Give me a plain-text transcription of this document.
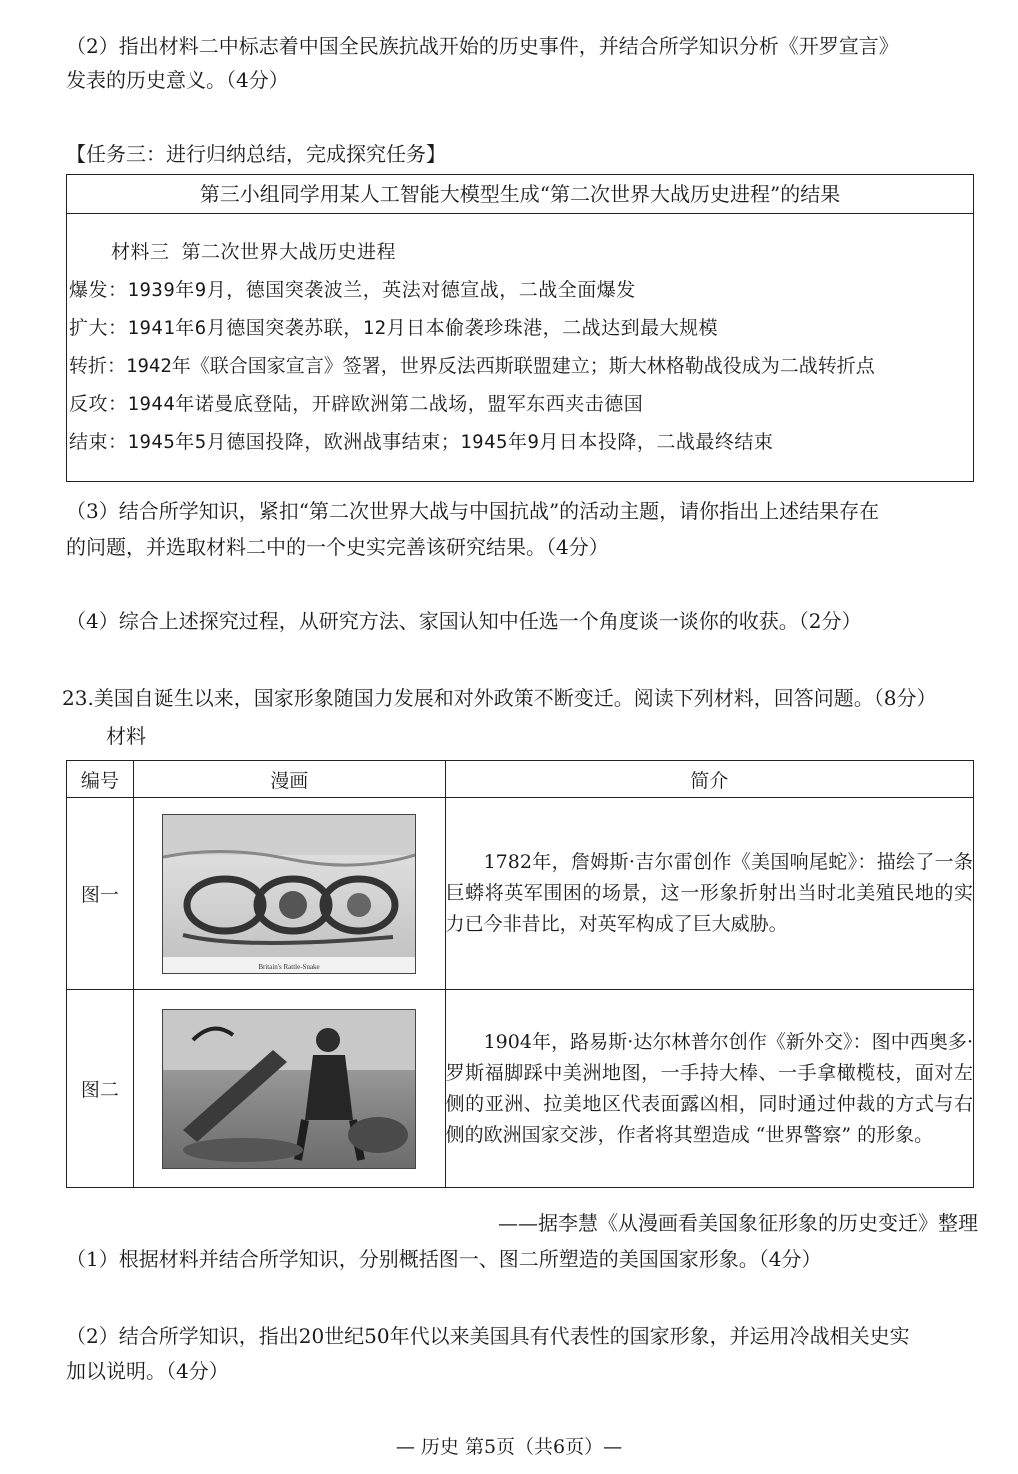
（2）指出材料二中标志着中国全民族抗战开始的历史事件，并结合所学知识分析《开罗宣言》
发表的历史意义。（4分）
【任务三：进行归纳总结，完成探究任务】
第三小组同学用某人工智能大模型生成“第二次世界大战历史进程”的结果
材料三 第二次世界大战历史进程
爆发：1939年9月，德国突袭波兰，英法对德宣战，二战全面爆发
扩大：1941年6月德国突袭苏联，12月日本偷袭珍珠港，二战达到最大规模
转折：1942年《联合国家宣言》签署，世界反法西斯联盟建立；斯大林格勒战役成为二战转折点
反攻：1944年诺曼底登陆，开辟欧洲第二战场，盟军东西夹击德国
结束：1945年5月德国投降，欧洲战事结束；1945年9月日本投降，二战最终结束
（3）结合所学知识，紧扣“第二次世界大战与中国抗战”的活动主题，请你指出上述结果存在
的问题，并选取材料二中的一个史实完善该研究结果。（4分）
（4）综合上述探究过程，从研究方法、家国认知中任选一个角度谈一谈你的收获。（2分）
23.美国自诞生以来，国家形象随国力发展和对外政策不断变迁。阅读下列材料，回答问题。（8分）
材料
编号	漫画	简介
图一	Britain's Rattle-Snake	1782年，詹姆斯·吉尔雷创作《美国响尾蛇》：描绘了一条巨蟒将英军围困的场景，这一形象折射出当时北美殖民地的实力已今非昔比，对英军构成了巨大威胁。

图二		1904年，路易斯·达尔林普尔创作《新外交》：图中西奥多·罗斯福脚踩中美洲地图，一手持大棒、一手拿橄榄枝，面对左侧的亚洲、拉美地区代表面露凶相，同时通过仲裁的方式与右侧的欧洲国家交涉，作者将其塑造成 “世界警察” 的形象。

——据李慧《从漫画看美国象征形象的历史变迁》整理
（1）根据材料并结合所学知识，分别概括图一、图二所塑造的美国国家形象。（4分）
（2）结合所学知识，指出20世纪50年代以来美国具有代表性的国家形象，并运用冷战相关史实
加以说明。（4分）
— 历史 第5页（共6页）—
